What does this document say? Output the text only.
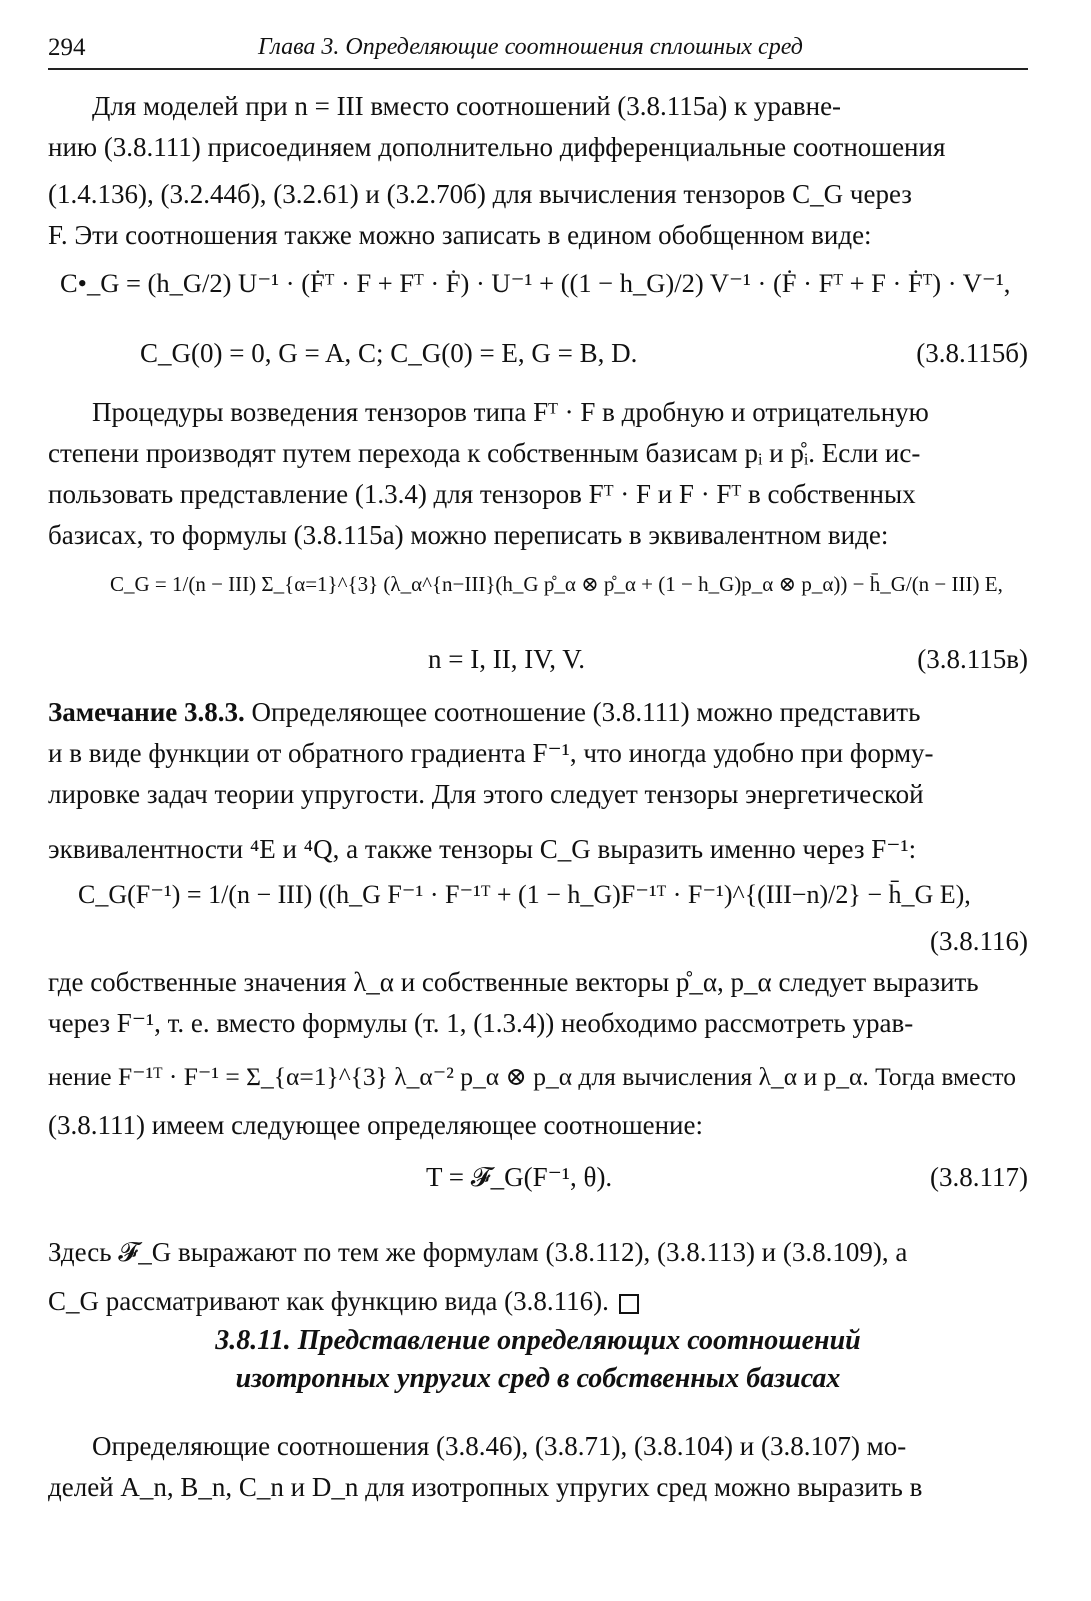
294	Глава 3. Определяющие соотношения сплошных сред
Для моделей при n = III вместо соотношений (3.8.115а) к уравне-
нию (3.8.111) присоединяем дополнительно дифференциальные соотношения
(1.4.136), (3.2.44б), (3.2.61) и (3.2.70б) для вычисления тензоров C_G через
F. Эти соотношения также можно записать в едином обобщенном виде:
C•_G = (h_G/2) U⁻¹ · (Ḟᵀ · F + Fᵀ · Ḟ) · U⁻¹ + ((1 − h_G)/2) V⁻¹ · (Ḟ · Fᵀ + F · Ḟᵀ) · V⁻¹,
C_G(0) = 0, G = A, C; C_G(0) = E, G = B, D.	(3.8.115б)
Процедуры возведения тензоров типа Fᵀ · F в дробную и отрицательную
степени производят путем перехода к собственным базисам pᵢ и p̊ᵢ. Если ис-
пользовать представление (1.3.4) для тензоров Fᵀ · F и F · Fᵀ в собственных
базисах, то формулы (3.8.115а) можно переписать в эквивалентном виде:
C_G = 1/(n − III) Σ_{α=1}^{3} (λ_α^{n−III}(h_G p̊_α ⊗ p̊_α + (1 − h_G)p_α ⊗ p_α)) − h̄_G/(n − III) E,
n = I, II, IV, V.	(3.8.115в)
Замечание 3.8.3. Определяющее соотношение (3.8.111) можно представить
и в виде функции от обратного градиента F⁻¹, что иногда удобно при форму-
лировке задач теории упругости. Для этого следует тензоры энергетической
эквивалентности ⁴E и ⁴Q, а также тензоры C_G выразить именно через F⁻¹:
C_G(F⁻¹) = 1/(n − III) ((h_G F⁻¹ · F⁻¹ᵀ + (1 − h_G)F⁻¹ᵀ · F⁻¹)^{(III−n)/2} − h̄_G E),
(3.8.116)
где собственные значения λ_α и собственные векторы p̊_α, p_α следует выразить
через F⁻¹, т. е. вместо формулы (т. 1, (1.3.4)) необходимо рассмотреть урав-
нение F⁻¹ᵀ · F⁻¹ = Σ_{α=1}^{3} λ_α⁻² p_α ⊗ p_α для вычисления λ_α и p_α. Тогда вместо
(3.8.111) имеем следующее определяющее соотношение:
T = 𝓕_G(F⁻¹, θ).	(3.8.117)
Здесь 𝓕_G выражают по тем же формулам (3.8.112), (3.8.113) и (3.8.109), а
C_G рассматривают как функцию вида (3.8.116).
3.8.11. Представление определяющих соотношений
изотропных упругих сред в собственных базисах
Определяющие соотношения (3.8.46), (3.8.71), (3.8.104) и (3.8.107) мо-
делей A_n, B_n, C_n и D_n для изотропных упругих сред можно выразить в
